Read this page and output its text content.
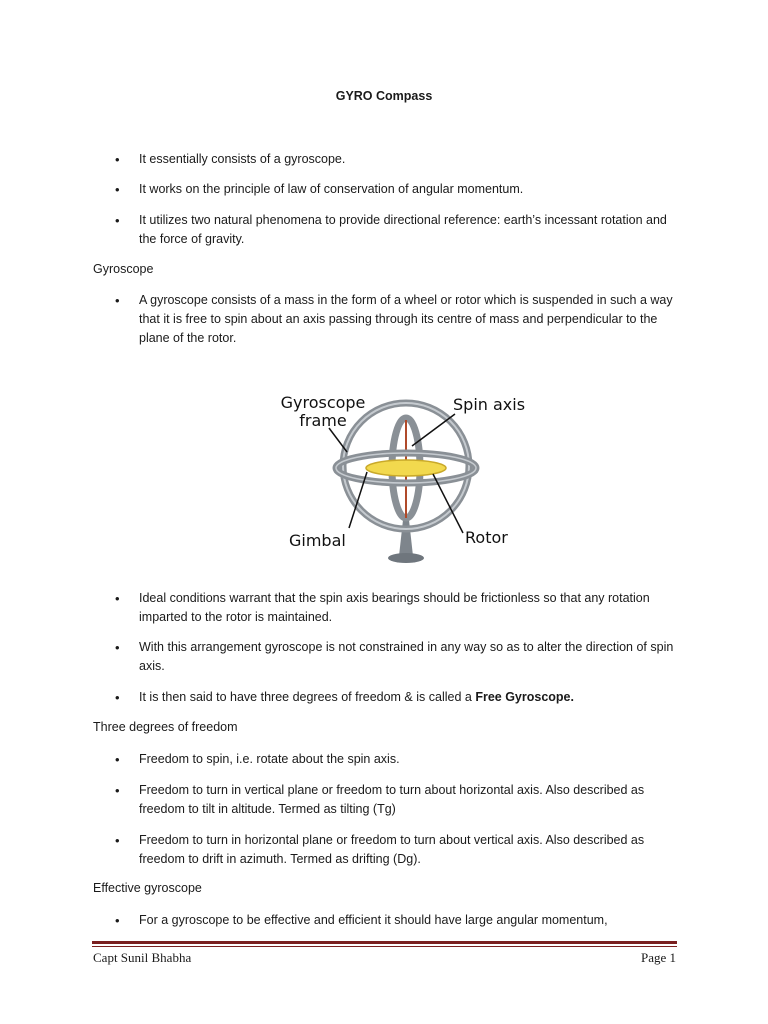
GYRO Compass
• It essentially consists of a gyroscope.
• It works on the principle of law of conservation of angular momentum.
• It utilizes two natural phenomena to provide directional reference: earth’s incessant rotation and the force of gravity.
Gyroscope
• A gyroscope consists of a mass in the form of a wheel or rotor which is suspended in such a way that it is free to spin about an axis passing through its centre of mass and perpendicular to the plane of the rotor.
Gyroscope
frame
Spin axis
Gimbal	Rotor
• Ideal conditions warrant that the spin axis bearings should be frictionless so that any rotation imparted to the rotor is maintained.
• With this arrangement gyroscope is not constrained in any way so as to alter the direction of spin axis.
• It is then said to have three degrees of freedom & is called a Free Gyroscope.
Three degrees of freedom
• Freedom to spin, i.e. rotate about the spin axis.
• Freedom to turn in vertical plane or freedom to turn about horizontal axis. Also described as freedom to tilt in altitude. Termed as tilting (Tg)
• Freedom to turn in horizontal plane or freedom to turn about vertical axis. Also described as freedom to drift in azimuth. Termed as drifting (Dg).
Effective gyroscope
• For a gyroscope to be effective and efficient it should have large angular momentum,
Capt Sunil Bhabha	Page 1
